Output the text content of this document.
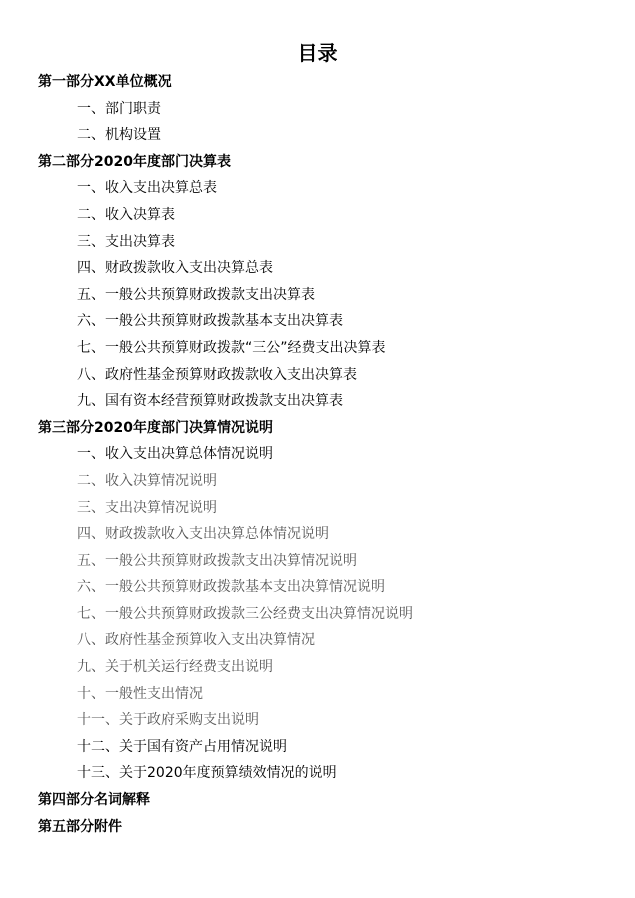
目录
第一部分XX单位概况
一、部门职责
二、机构设置
第二部分2020年度部门决算表
一、收入支出决算总表
二、收入决算表
三、支出决算表
四、财政拨款收入支出决算总表
五、一般公共预算财政拨款支出决算表
六、一般公共预算财政拨款基本支出决算表
七、一般公共预算财政拨款“三公”经费支出决算表
八、政府性基金预算财政拨款收入支出决算表
九、国有资本经营预算财政拨款支出决算表
第三部分2020年度部门决算情况说明
一、收入支出决算总体情况说明
二、收入决算情况说明
三、支出决算情况说明
四、财政拨款收入支出决算总体情况说明
五、一般公共预算财政拨款支出决算情况说明
六、一般公共预算财政拨款基本支出决算情况说明
七、一般公共预算财政拨款三公经费支出决算情况说明
八、政府性基金预算收入支出决算情况
九、关于机关运行经费支出说明
十、一般性支出情况
十一、关于政府采购支出说明
十二、关于国有资产占用情况说明
十三、关于2020年度预算绩效情况的说明
第四部分名词解释
第五部分附件
